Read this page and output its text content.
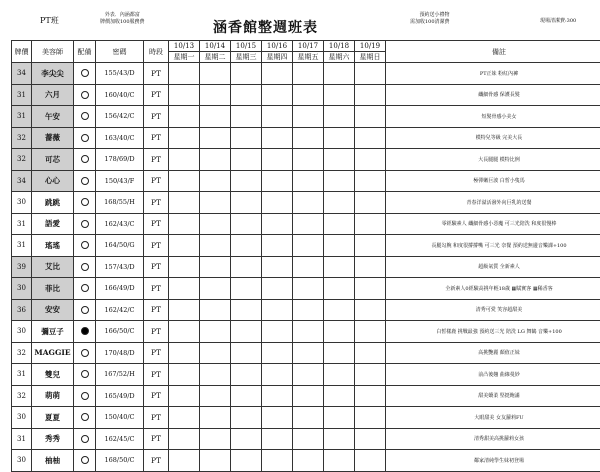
PT班
外表．內涵都富
牌價加收100服務費	涵香館整週班表
預約送小禮物
需加收100清潔費	現場清潔費:300
牌價	美容師	配備	密碼	時段	10/13	10/14	10/15	10/16	10/17	10/18	10/19	備註
					星期一	星期二	星期三	星期四	星期五	星期六	星期日	
34	李尖尖		155/43/D	PT								PT正妹 粉紅內褲
31	六月		160/40/C	PT								纖細骨感 保護長髮
31	午安		156/42/C	PT								短髮骨感小美女
32	薔薇		163/40/C	PT								模特兒等級 完美大長
32	可芯		178/69/D	PT								大長腿腿 模特比例
34	心心		150/43/F	PT								極彈嫩巨波 白皙小隻馬
30	跳跳		168/55/H	PT								青春洋溢活潑外向巨乳的送餐
31	語愛		162/43/C	PT								零經驗素人 纖細骨感小惡魔 可三光陪洗 和度很慢棒
31	瑤瑤		164/50/G	PT								長腿勾腕 和度很撐撐嘴 可三光 奈餐 預約送無邊音樂課+100
39	艾比		157/43/D	PT								超級氣質 全新素人
30	菲比		166/49/D	PT								全新素人0經驗高挑年輕18歲 ▦賦實客 ▦稀香客
36	安安		162/42/C	PT								清秀可愛 笑容超甜美
30	彌豆子		166/50/C	PT								白皙樣鹿 挑戰最強 預約送三光 陪洗 LG 舞鶴 音樂+100
32	MAGGIE		170/48/D	PT								高挑艷麗 顏值正妹
31	雙兒		167/52/H	PT								前凸後翹 曲線曼妙
32	萌萌		165/49/D	PT								甜美嬌柔 堅挺飽滿
30	夏夏		150/40/C	PT								大眼甜美 女友蘿莉FU
31	秀秀		162/45/C	PT								清秀甜美高挑蘿莉女孩
30	柚柚		168/50/C	PT								鄰家清純學生妹初登場
